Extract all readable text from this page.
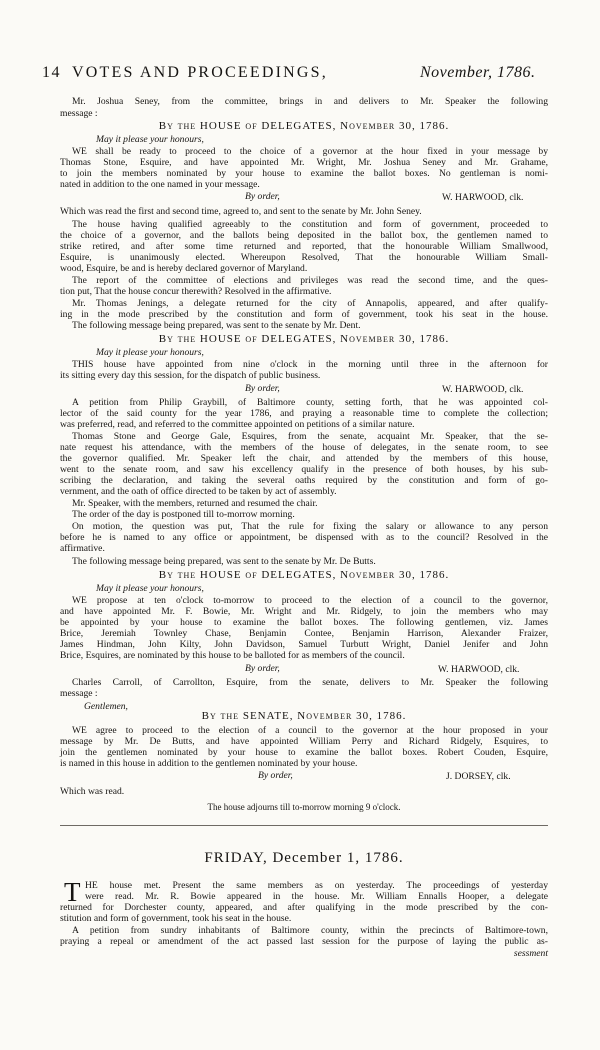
14 VOTES AND PROCEEDINGS,	November, 1786.
Mr. Joshua Seney, from the committee, brings in and delivers to Mr. Speaker the following
message :
By the HOUSE of DELEGATES, November 30, 1786.
May it please your honours,
WE shall be ready to proceed to the choice of a governor at the hour fixed in your message by
Thomas Stone, Esquire, and have appointed Mr. Wright, Mr. Joshua Seney and Mr. Grahame,
to join the members nominated by your house to examine the ballot boxes. No gentleman is nomi-
nated in addition to the one named in your message.
By order,	W. HARWOOD, clk.
Which was read the first and second time, agreed to, and sent to the senate by Mr. John Seney.
The house having qualified agreeably to the constitution and form of government, proceeded to
the choice of a governor, and the ballots being deposited in the ballot box, the gentlemen named to
strike retired, and after some time returned and reported, that the honourable William Smallwood,
Esquire, is unanimously elected. Whereupon Resolved, That the honourable William Small-
wood, Esquire, be and is hereby declared governor of Maryland.
The report of the committee of elections and privileges was read the second time, and the ques-
tion put, That the house concur therewith? Resolved in the affirmative.
Mr. Thomas Jenings, a delegate returned for the city of Annapolis, appeared, and after qualify-
ing in the mode prescribed by the constitution and form of government, took his seat in the house.
The following message being prepared, was sent to the senate by Mr. Dent.
By the HOUSE of DELEGATES, November 30, 1786.
May it please your honours,
THIS house have appointed from nine o'clock in the morning until three in the afternoon for
its sitting every day this session, for the dispatch of public business.
By order,	W. HARWOOD, clk.
A petition from Philip Graybill, of Baltimore county, setting forth, that he was appointed col-
lector of the said county for the year 1786, and praying a reasonable time to complete the collection;
was preferred, read, and referred to the committee appointed on petitions of a similar nature.
Thomas Stone and George Gale, Esquires, from the senate, acquaint Mr. Speaker, that the se-
nate request his attendance, with the members of the house of delegates, in the senate room, to see
the governor qualified. Mr. Speaker left the chair, and attended by the members of this house,
went to the senate room, and saw his excellency qualify in the presence of both houses, by his sub-
scribing the declaration, and taking the several oaths required by the constitution and form of go-
vernment, and the oath of office directed to be taken by act of assembly.
Mr. Speaker, with the members, returned and resumed the chair.
The order of the day is postponed till to-morrow morning.
On motion, the question was put, That the rule for fixing the salary or allowance to any person
before he is named to any office or appointment, be dispensed with as to the council? Resolved in the
affirmative.
The following message being prepared, was sent to the senate by Mr. De Butts.
By the HOUSE of DELEGATES, November 30, 1786.
May it please your honours,
WE propose at ten o'clock to-morrow to proceed to the election of a council to the governor,
and have appointed Mr. F. Bowie, Mr. Wright and Mr. Ridgely, to join the members who may
be appointed by your house to examine the ballot boxes. The following gentlemen, viz. James
Brice, Jeremiah Townley Chase, Benjamin Contee, Benjamin Harrison, Alexander Fraizer,
James Hindman, John Kilty, John Davidson, Samuel Turbutt Wright, Daniel Jenifer and John
Brice, Esquires, are nominated by this house to be balloted for as members of the council.
By order,	W. HARWOOD, clk.
Charles Carroll, of Carrollton, Esquire, from the senate, delivers to Mr. Speaker the following
message :
Gentlemen,
By the SENATE, November 30, 1786.
WE agree to proceed to the election of a council to the governor at the hour proposed in your
message by Mr. De Butts, and have appointed William Perry and Richard Ridgely, Esquires, to
join the gentlemen nominated by your house to examine the ballot boxes. Robert Couden, Esquire,
is named in this house in addition to the gentlemen nominated by your house.
By order,	J. DORSEY, clk.
Which was read.
The house adjourns till to-morrow morning 9 o'clock.
FRIDAY, December 1, 1786.
T HE house met. Present the same members as on yesterday. The proceedings of yesterday
were read. Mr. R. Bowie appeared in the house. Mr. William Ennalls Hooper, a delegate
returned for Dorchester county, appeared, and after qualifying in the mode prescribed by the con-
stitution and form of government, took his seat in the house.
A petition from sundry inhabitants of Baltimore county, within the precincts of Baltimore-town,
praying a repeal or amendment of the act passed last session for the purpose of laying the public as-
sessment
